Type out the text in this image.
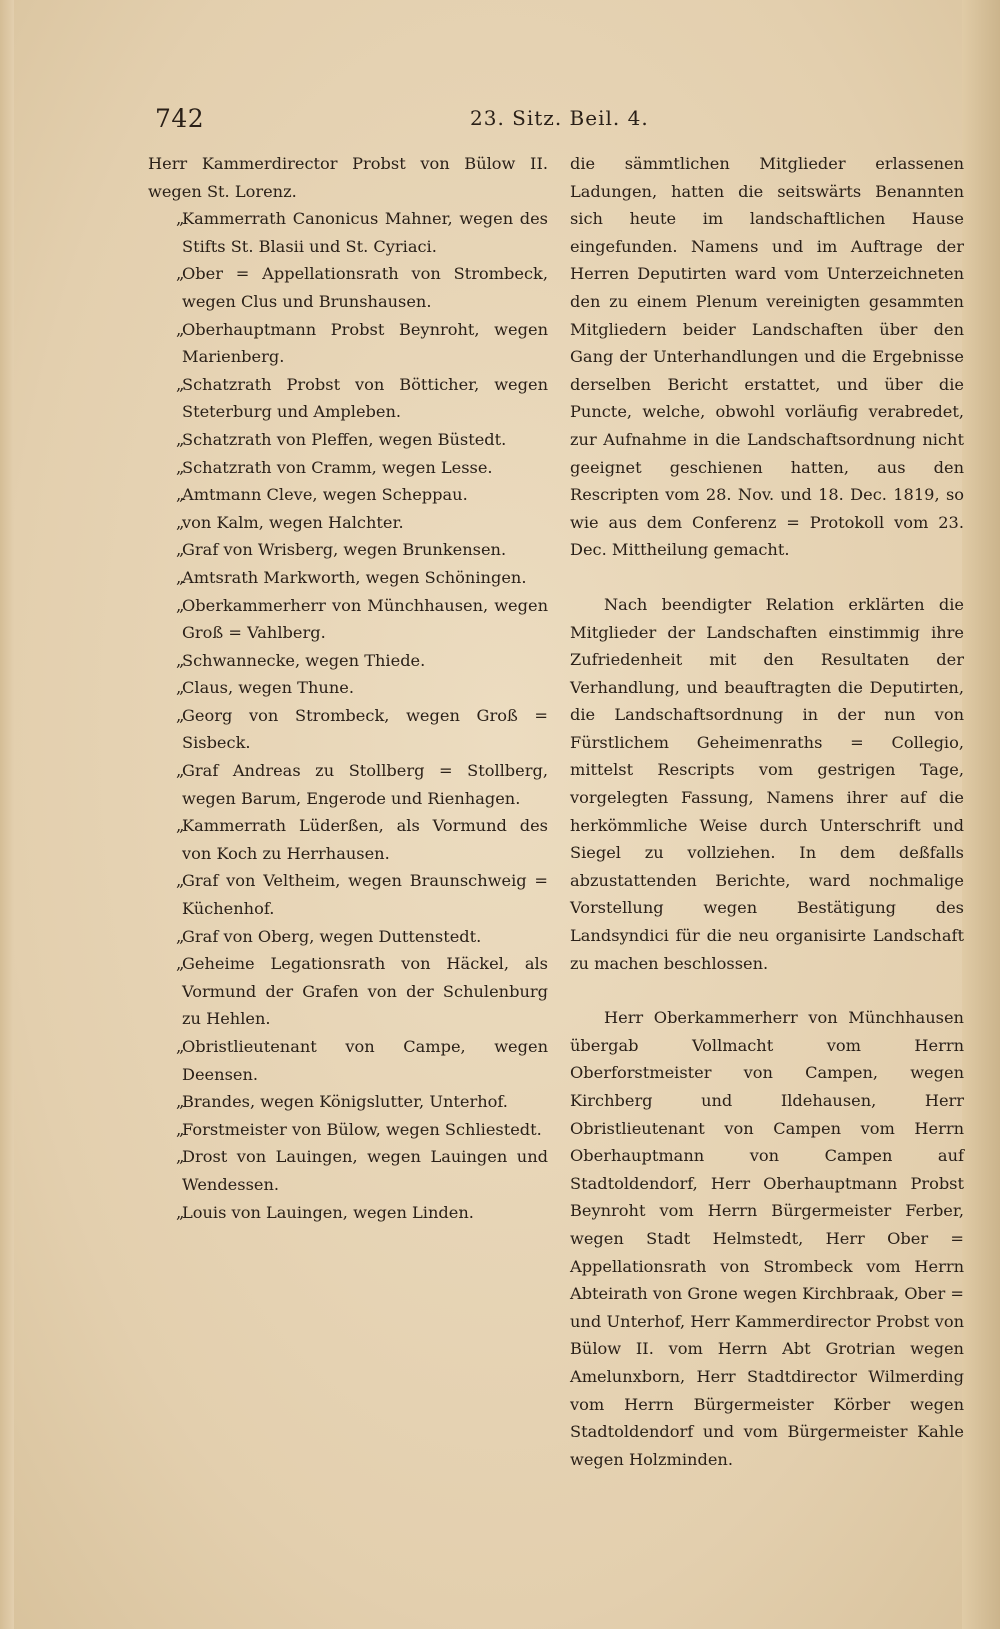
742	23. Sitz. Beil. 4.
Herr Kammerdirector Probst von Bülow II. wegen St. Lorenz.
„
Kammerrath Canonicus Mahner, wegen des Stifts St. Blasii und St. Cyriaci.
„
Ober = Appellationsrath von Strombeck, wegen Clus und Brunshausen.
„
Oberhauptmann Probst Beynroht, wegen Marienberg.
„
Schatzrath Probst von Bötticher, wegen Steterburg und Ampleben.
„
Schatzrath von Pleffen, wegen Büstedt.
„
Schatzrath von Cramm, wegen Lesse.
„
Amtmann Cleve, wegen Scheppau.
„
von Kalm, wegen Halchter.
„
Graf von Wrisberg, wegen Brunkensen.
„
Amtsrath Markworth, wegen Schöningen.
„
Oberkammerherr von Münchhausen, wegen Groß = Vahlberg.
„
Schwannecke, wegen Thiede.
„
Claus, wegen Thune.
„
Georg von Strombeck, wegen Groß = Sisbeck.
„
Graf Andreas zu Stollberg = Stollberg, wegen Barum, Engerode und Rienhagen.
„
Kammerrath Lüderßen, als Vormund des von Koch zu Herrhausen.
„
Graf von Veltheim, wegen Braunschweig = Küchenhof.
„
Graf von Oberg, wegen Duttenstedt.
„
Geheime Legationsrath von Häckel, als Vormund der Grafen von der Schulenburg zu Hehlen.
„
Obristlieutenant von Campe, wegen Deensen.
„
Brandes, wegen Königslutter, Unterhof.
„
Forstmeister von Bülow, wegen Schliestedt.
„
Drost von Lauingen, wegen Lauingen und Wendessen.
„
Louis von Lauingen, wegen Linden.

die sämmtlichen Mitglieder erlassenen Ladungen, hatten die seitswärts Benannten sich heute im landschaftlichen Hause eingefunden. Namens und im Auftrage der Herren Deputirten ward vom Unterzeichneten den zu einem Plenum vereinigten gesammten Mitgliedern beider Landschaften über den Gang der Unterhandlungen und die Ergebnisse derselben Bericht erstattet, und über die Puncte, welche, obwohl vorläufig verabredet, zur Aufnahme in die Landschaftsordnung nicht geeignet geschienen hatten, aus den Rescripten vom 28. Nov. und 18. Dec. 1819, so wie aus dem Conferenz = Protokoll vom 23. Dec. Mittheilung gemacht.

Nach beendigter Relation erklärten die Mitglieder der Landschaften einstimmig ihre Zufriedenheit mit den Resultaten der Verhandlung, und beauftragten die Deputirten, die Landschaftsordnung in der nun von Fürstlichem Geheimenraths = Collegio, mittelst Rescripts vom gestrigen Tage, vorgelegten Fassung, Namens ihrer auf die herkömmliche Weise durch Unterschrift und Siegel zu vollziehen. In dem deßfalls abzustattenden Berichte, ward nochmalige Vorstellung wegen Bestätigung des Landsyndici für die neu organisirte Landschaft zu machen beschlossen.

Herr Oberkammerherr von Münchhausen übergab Vollmacht vom Herrn Oberforstmeister von Campen, wegen Kirchberg und Ildehausen, Herr Obristlieutenant von Campen vom Herrn Oberhauptmann von Campen auf Stadtoldendorf, Herr Oberhauptmann Probst Beynroht vom Herrn Bürgermeister Ferber, wegen Stadt Helmstedt, Herr Ober = Appellationsrath von Strombeck vom Herrn Abteirath von Grone wegen Kirchbraak, Ober = und Unterhof, Herr Kammerdirector Probst von Bülow II. vom Herrn Abt Grotrian wegen Amelunxborn, Herr Stadtdirector Wilmerding vom Herrn Bürgermeister Körber wegen Stadtoldendorf und vom Bürgermeister Kahle wegen Holzminden.
